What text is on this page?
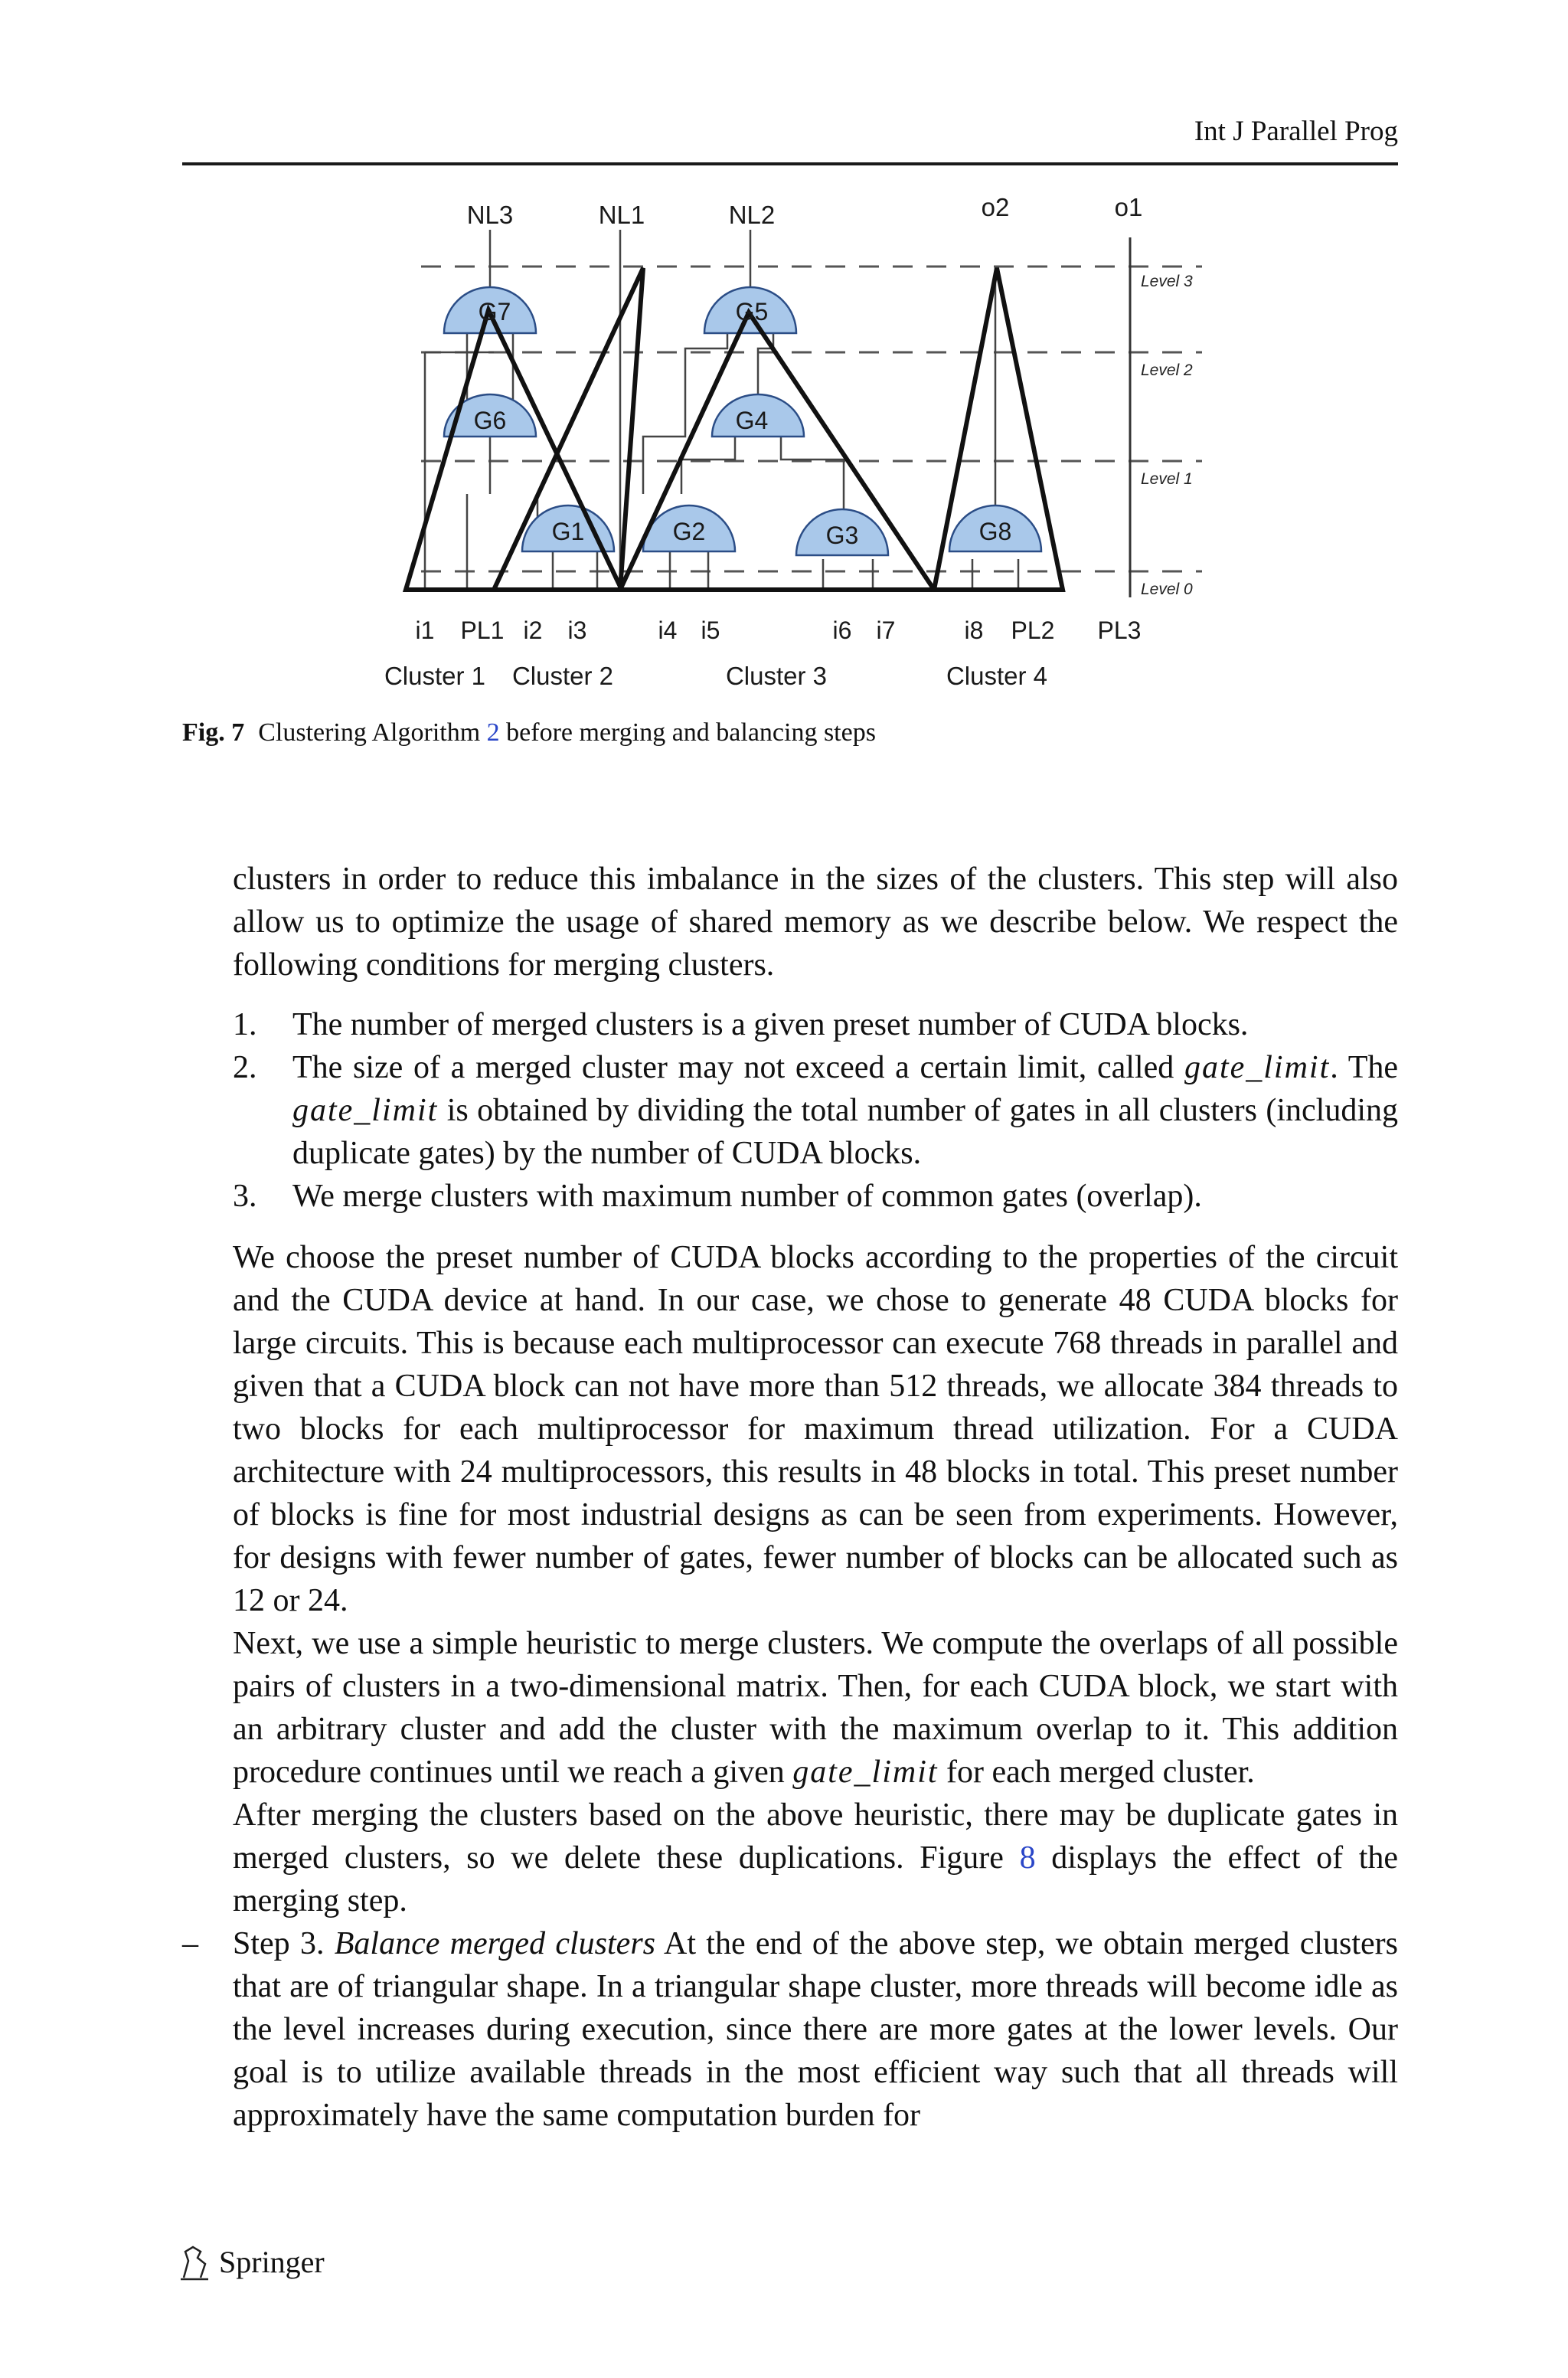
Int J Parallel Prog
G7	G5
G6	G4
G1	G2	G3	G8
NL3	NL1	NL2	o2	o1
Level 3
Level 2
Level 1
Level 0
i1 PL1 i2 i3	i4 i5	i6 i7	i8 PL2 PL3
Cluster 1 Cluster 2	Cluster 3	Cluster 4
Fig. 7 Clustering Algorithm 2 before merging and balancing steps

clusters in order to reduce this imbalance in the sizes of the clusters. This step will also allow us to optimize the usage of shared memory as we describe below. We respect the following conditions for merging clusters.

1.	The number of merged clusters is a given preset number of CUDA blocks.
2.	The size of a merged cluster may not exceed a certain limit, called gate_limit. The gate_limit is obtained by dividing the total number of gates in all clusters (including duplicate gates) by the number of CUDA blocks.
3.	We merge clusters with maximum number of common gates (overlap).

We choose the preset number of CUDA blocks according to the properties of the circuit and the CUDA device at hand. In our case, we chose to generate 48 CUDA blocks for large circuits. This is because each multiprocessor can execute 768 threads in parallel and given that a CUDA block can not have more than 512 threads, we allocate 384 threads to two blocks for each multiprocessor for maximum thread utilization. For a CUDA architecture with 24 multiprocessors, this results in 48 blocks in total. This preset number of blocks is fine for most industrial designs as can be seen from experiments. However, for designs with fewer number of gates, fewer number of blocks can be allocated such as 12 or 24.

Next, we use a simple heuristic to merge clusters. We compute the overlaps of all possible pairs of clusters in a two-dimensional matrix. Then, for each CUDA block, we start with an arbitrary cluster and add the cluster with the maximum overlap to it. This addition procedure continues until we reach a given gate_limit for each merged cluster.

After merging the clusters based on the above heuristic, there may be duplicate gates in merged clusters, so we delete these duplications. Figure 8 displays the effect of the merging step.

– Step 3. Balance merged clusters At the end of the above step, we obtain merged clusters that are of triangular shape. In a triangular shape cluster, more threads will become idle as the level increases during execution, since there are more gates at the lower levels. Our goal is to utilize available threads in the most efficient way such that all threads will approximately have the same computation burden for

Springer
